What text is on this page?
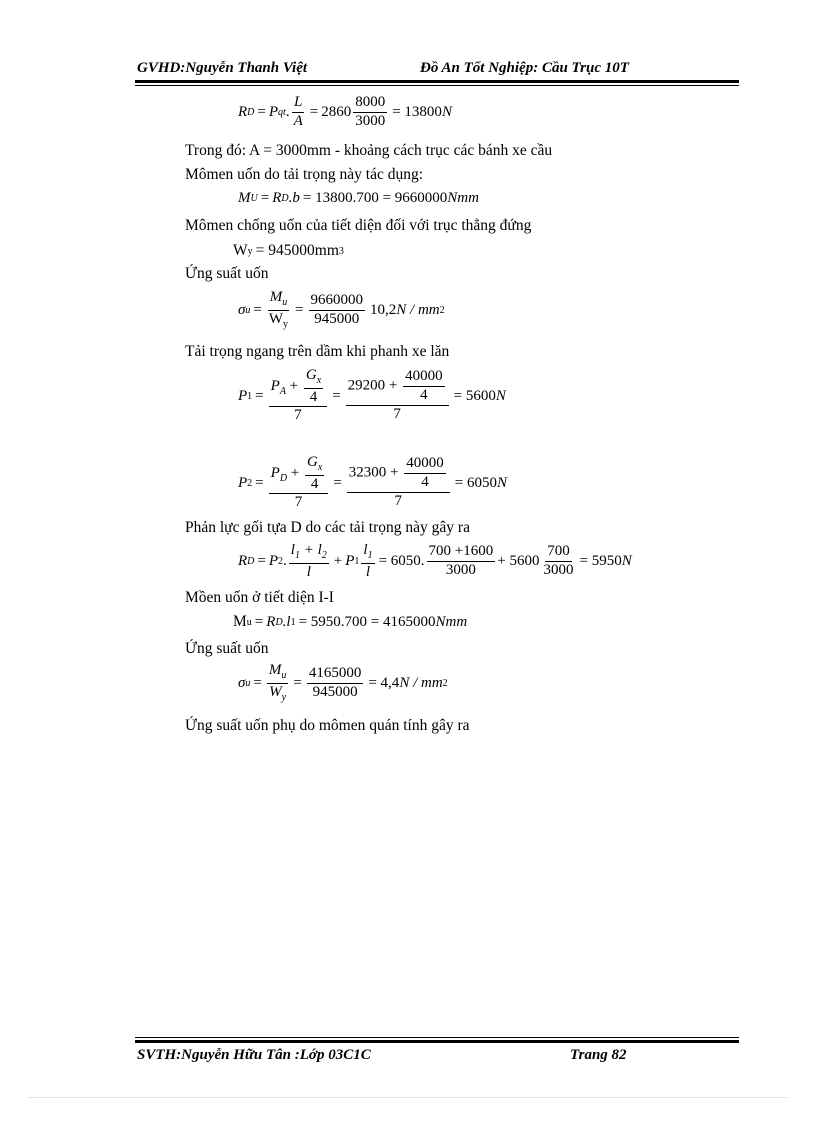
GVHD:Nguyễn Thanh Việt	Đồ An Tốt Nghiệp: Cầu Trục 10T
R D = P qt . $\frac{L}{A} = 2860 \frac{8000}{3000} = 13800$ N
Trong đó: A = 3000mm - khoảng cách trục các bánh xe cầu
Mômen uốn do tải trọng này tác dụng:
M U = R D .b = 13800.700 = 9660000 Nmm
Mômen chống uốn của tiết diện đối với trục thẳng đứng
W y = 945000mm 3
Ứng suất uốn
σ $u = \frac{M_u}{W_y} = \frac{9660000}{945000} 10,2$ N / mm 2
Tải trọng ngang trên dầm khi phanh xe lăn
P $1 = \frac{P_A + \frac{G_x}{4}}{7} = \frac{29200 + \frac{40000}{4}}{7} = 5600$ N
P $2 = \frac{P_D + \frac{G_x}{4}}{7} = \frac{32300 + \frac{40000}{4}}{7} = 6050$ N
Phản lực gối tựa D do các tải trọng này gây ra
R D = P 2 .
$l_1 + l_2$
l
+ P $1 \frac{l_1}{l} = 6050$.
700 +1600
3000
+ $5600 \frac{700}{3000} = 5950$ N
Mồen uốn ở tiết diện I-I
M u = R D .l 1 = 5950.700 = 4165000 Nmm
Ứng suất uốn
σ $u = \frac{M_u}{W_y} = \frac{4165000}{945000} = 4,4$ N / mm 2
Ứng suất uốn phụ do mômen quán tính gây ra
SVTH:Nguyễn Hữu Tân :Lớp 03C1C	Trang 82
